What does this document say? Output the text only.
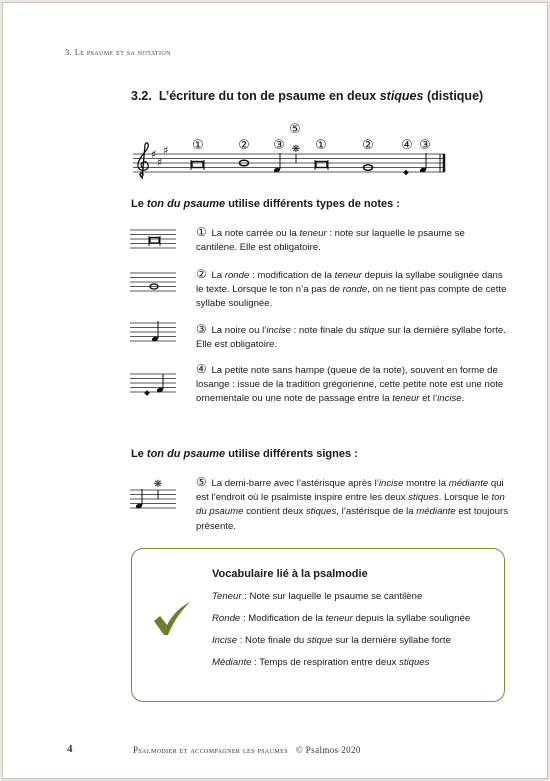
3. Le psaume et sa notation
3.2. L’écriture du ton de psaume en deux stiques (distique)
①	② ③
⑤
①	② ④ ③
♯
♯
♯	❋
Le ton du psaume utilise différents types de notes :
① La note carrée ou la teneur : note sur laquelle le psaume se cantilène. Elle est obligatoire.
② La ronde : modification de la teneur depuis la syllabe soulignée dans le texte. Lorsque le ton n’a pas de ronde, on ne tient pas compte de cette syllabe soulignée.
③ La noire ou l’incise : note finale du stique sur la dernière syllabe forte. Elle est obligatoire.
④ La petite note sans hampe (queue de la note), souvent en forme de losange : issue de la tradition grégorienne, cette petite note est une note ornementale ou une note de passage entre la teneur et l’incise.
Le ton du psaume utilise différents signes :
❋	⑤ La demi-barre avec l’astérisque après l’incise montre la médiante qui est l’endroit où le psalmiste inspire entre les deux stiques. Lorsque le ton du psaume contient deux stiques, l’astérisque de la médiante est toujours présente.
Vocabulaire lié à la psalmodie
Teneur : Note sur laquelle le psaume se cantilène
Ronde : Modification de la teneur depuis la syllabe soulignée
Incise : Note finale du stique sur la dernière syllabe forte
Médiante : Temps de respiration entre deux stiques
4	Psalmodier et accompagner les psaumes © Psalmos 2020
